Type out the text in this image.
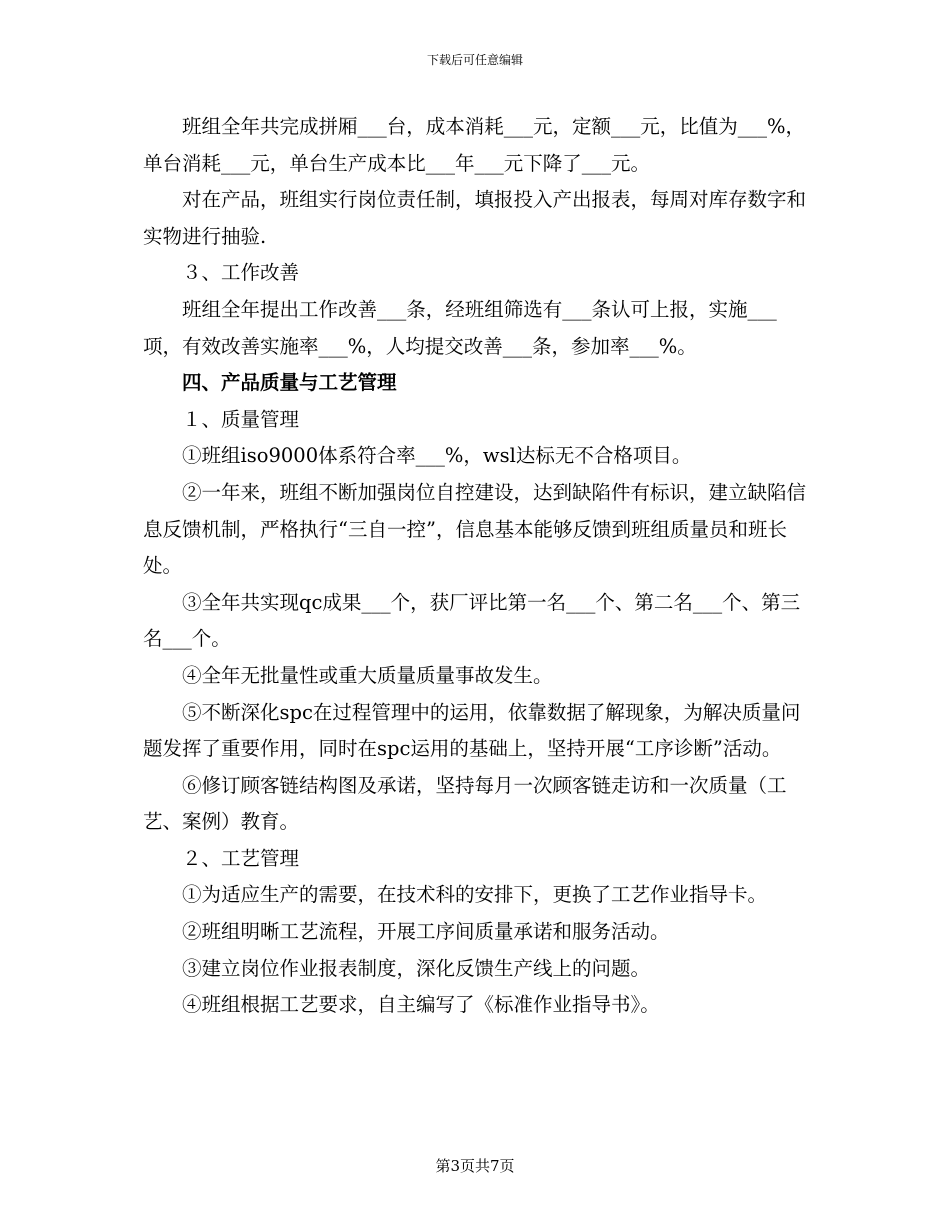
下载后可任意编辑

班组全年共完成拼厢___台，成本消耗___元，定额___元，比值为___%，单台消耗___元，单台生产成本比___年___元下降了___元。

对在产品，班组实行岗位责任制，填报投入产出报表，每周对库存数字和实物进行抽验.

３、工作改善

班组全年提出工作改善___条，经班组筛选有___条认可上报，实施___项，有效改善实施率___%，人均提交改善___条，参加率___%。

四、产品质量与工艺管理

１、质量管理

①班组iso9000体系符合率___%，wsl达标无不合格项目。

②一年来，班组不断加强岗位自控建设，达到缺陷件有标识，建立缺陷信息反馈机制，严格执行“三自一控”，信息基本能够反馈到班组质量员和班长处。

③全年共实现qc成果___个，获厂评比第一名___个、第二名___个、第三名___个。

④全年无批量性或重大质量质量事故发生。

⑤不断深化spc在过程管理中的运用，依靠数据了解现象，为解决质量问题发挥了重要作用，同时在spc运用的基础上，坚持开展“工序诊断”活动。

⑥修订顾客链结构图及承诺，坚持每月一次顾客链走访和一次质量（工艺、案例）教育。

２、工艺管理

①为适应生产的需要，在技术科的安排下，更换了工艺作业指导卡。

②班组明晰工艺流程，开展工序间质量承诺和服务活动。

③建立岗位作业报表制度，深化反馈生产线上的问题。

④班组根据工艺要求，自主编写了《标准作业指导书》。

第3页共7页
